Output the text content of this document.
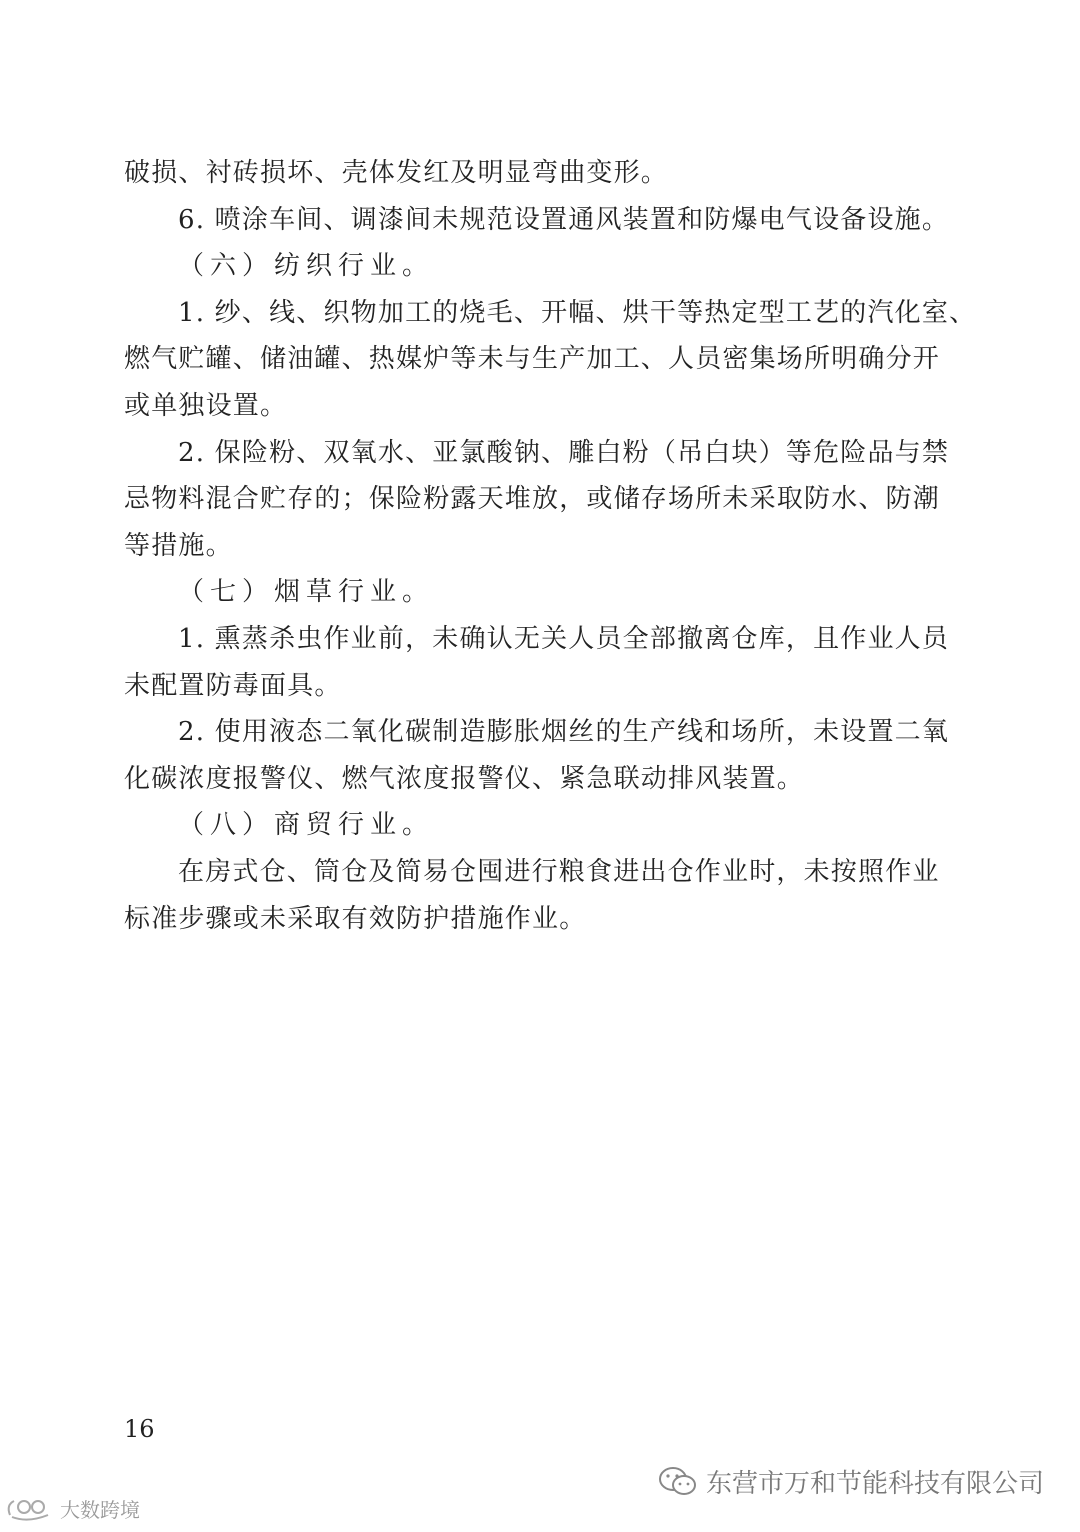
破损、衬砖损坏、壳体发红及明显弯曲变形。
6. 喷涂车间、调漆间未规范设置通风装置和防爆电气设备设施。
（六）纺织行业。
1. 纱、线、织物加工的烧毛、开幅、烘干等热定型工艺的汽化室、
燃气贮罐、储油罐、热媒炉等未与生产加工、人员密集场所明确分开
或单独设置。
2. 保险粉、双氧水、亚氯酸钠、雕白粉（吊白块）等危险品与禁
忌物料混合贮存的；保险粉露天堆放，或储存场所未采取防水、防潮
等措施。
（七）烟草行业。
1. 熏蒸杀虫作业前，未确认无关人员全部撤离仓库，且作业人员
未配置防毒面具。
2. 使用液态二氧化碳制造膨胀烟丝的生产线和场所，未设置二氧
化碳浓度报警仪、燃气浓度报警仪、紧急联动排风装置。
（八）商贸行业。
在房式仓、筒仓及简易仓囤进行粮食进出仓作业时，未按照作业
标准步骤或未采取有效防护措施作业。
16
东营市万和节能科技有限公司
大数跨境
